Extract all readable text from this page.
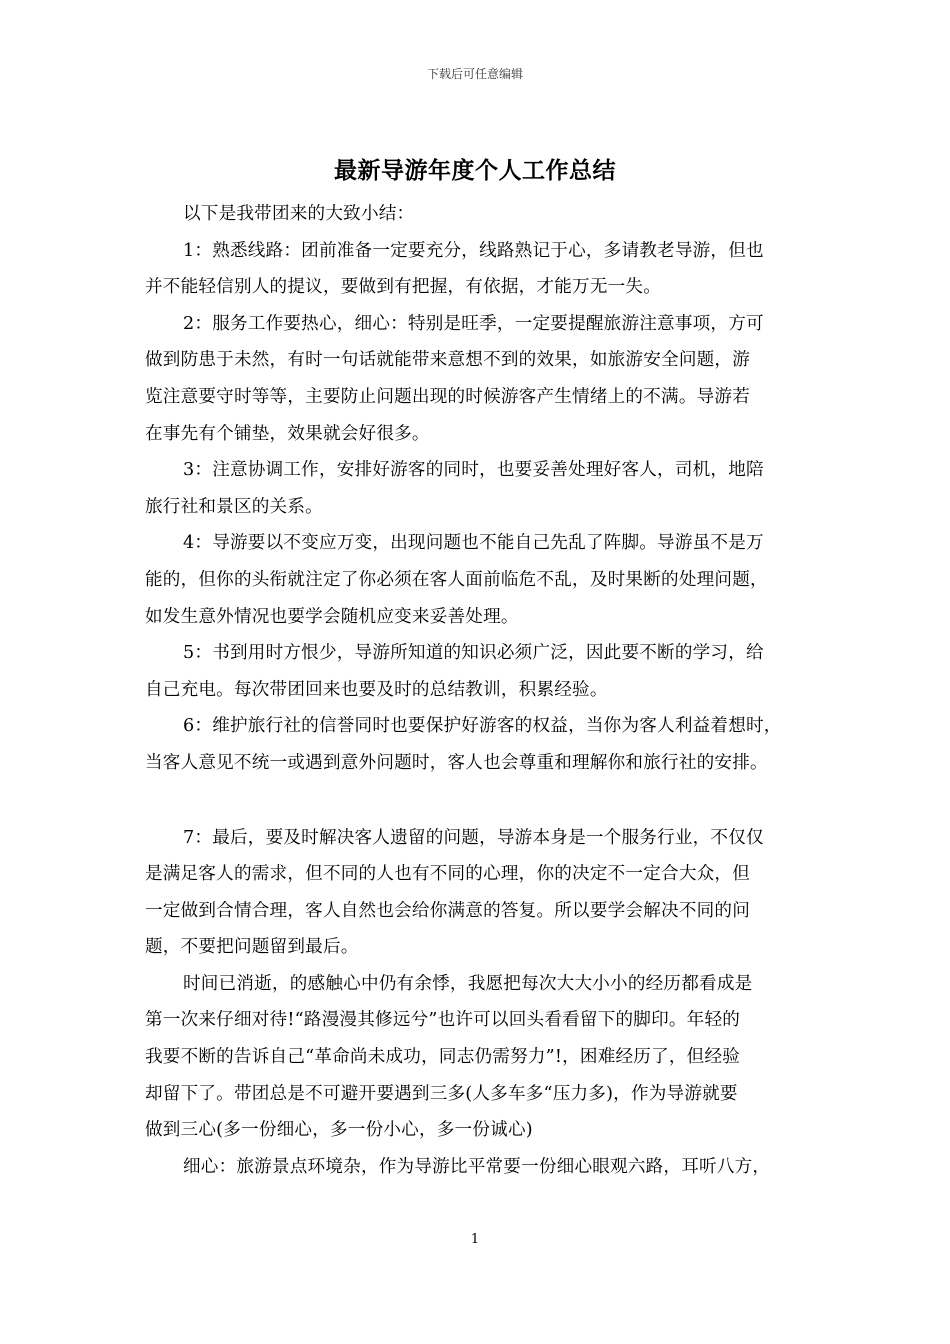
下载后可任意编辑
最新导游年度个人工作总结
以下是我带团来的大致小结：
1：熟悉线路：团前准备一定要充分，线路熟记于心，多请教老导游，但也
并不能轻信别人的提议，要做到有把握，有依据，才能万无一失。
2：服务工作要热心，细心：特别是旺季，一定要提醒旅游注意事项，方可
做到防患于未然，有时一句话就能带来意想不到的效果，如旅游安全问题，游
览注意要守时等等，主要防止问题出现的时候游客产生情绪上的不满。导游若
在事先有个铺垫，效果就会好很多。
3：注意协调工作，安排好游客的同时，也要妥善处理好客人，司机，地陪
旅行社和景区的关系。
4：导游要以不变应万变，出现问题也不能自己先乱了阵脚。导游虽不是万
能的，但你的头衔就注定了你必须在客人面前临危不乱，及时果断的处理问题，
如发生意外情况也要学会随机应变来妥善处理。
5：书到用时方恨少，导游所知道的知识必须广泛，因此要不断的学习，给
自己充电。每次带团回来也要及时的总结教训，积累经验。
6：维护旅行社的信誉同时也要保护好游客的权益，当你为客人利益着想时，
当客人意见不统一或遇到意外问题时，客人也会尊重和理解你和旅行社的安排。
7：最后，要及时解决客人遗留的问题，导游本身是一个服务行业，不仅仅
是满足客人的需求，但不同的人也有不同的心理，你的决定不一定合大众，但
一定做到合情合理，客人自然也会给你满意的答复。所以要学会解决不同的问
题，不要把问题留到最后。
时间已消逝，的感触心中仍有余悸，我愿把每次大大小小的经历都看成是
第一次来仔细对待!“路漫漫其修远兮”也许可以回头看看留下的脚印。年轻的
我要不断的告诉自己“革命尚未成功，同志仍需努力”!，困难经历了，但经验
却留下了。带团总是不可避开要遇到三多(人多车多“压力多)，作为导游就要
做到三心(多一份细心，多一份小心，多一份诚心)
细心：旅游景点环境杂，作为导游比平常要一份细心眼观六路，耳听八方，
1
